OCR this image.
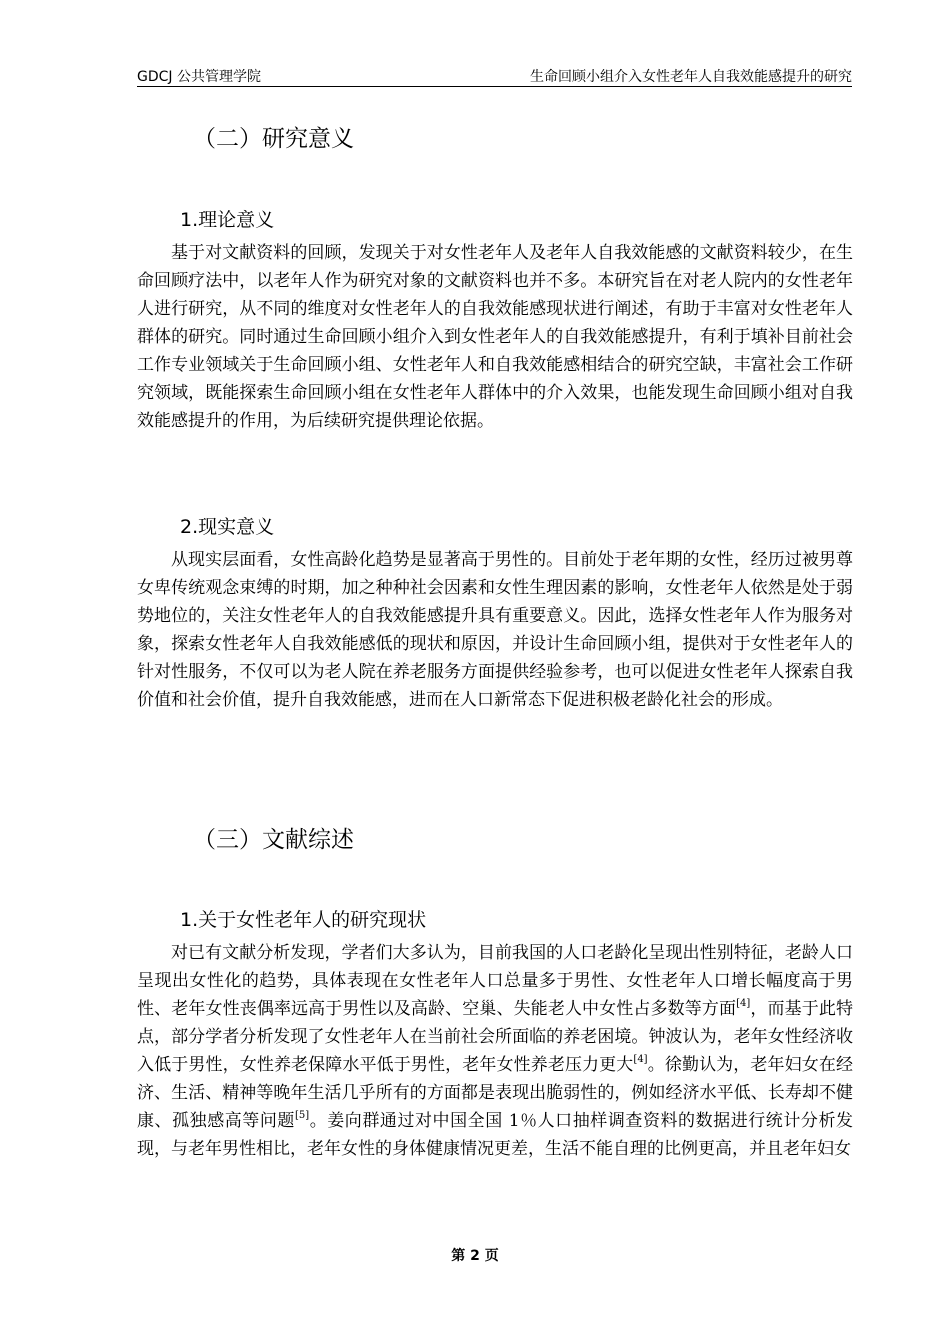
GDCJ 公共管理学院	生命回顾小组介入女性老年人自我效能感提升的研究
（二）研究意义
1.理论意义
基于对文献资料的回顾，发现关于对女性老年人及老年人自我效能感的文献资料较少，在生命回顾疗法中，以老年人作为研究对象的文献资料也并不多。本研究旨在对老人院内的女性老年人进行研究，从不同的维度对女性老年人的自我效能感现状进行阐述，有助于丰富对女性老年人群体的研究。同时通过生命回顾小组介入到女性老年人的自我效能感提升，有利于填补目前社会工作专业领域关于生命回顾小组、女性老年人和自我效能感相结合的研究空缺，丰富社会工作研究领域，既能探索生命回顾小组在女性老年人群体中的介入效果，也能发现生命回顾小组对自我效能感提升的作用，为后续研究提供理论依据。
2.现实意义
从现实层面看，女性高龄化趋势是显著高于男性的。目前处于老年期的女性，经历过被男尊女卑传统观念束缚的时期，加之种种社会因素和女性生理因素的影响，女性老年人依然是处于弱势地位的，关注女性老年人的自我效能感提升具有重要意义。因此，选择女性老年人作为服务对象，探索女性老年人自我效能感低的现状和原因，并设计生命回顾小组，提供对于女性老年人的针对性服务，不仅可以为老人院在养老服务方面提供经验参考，也可以促进女性老年人探索自我价值和社会价值，提升自我效能感，进而在人口新常态下促进积极老龄化社会的形成。
（三）文献综述
1.关于女性老年人的研究现状
对已有文献分析发现，学者们大多认为，目前我国的人口老龄化呈现出性别特征，老龄人口呈现出女性化的趋势，具体表现在女性老年人口总量多于男性、女性老年人口增长幅度高于男性、老年女性丧偶率远高于男性以及高龄、空巢、失能老人中女性占多数等方面[4]，而基于此特点，部分学者分析发现了女性老年人在当前社会所面临的养老困境。钟波认为，老年女性经济收入低于男性，女性养老保障水平低于男性，老年女性养老压力更大[4]。徐勤认为，老年妇女在经济、生活、精神等晚年生活几乎所有的方面都是表现出脆弱性的，例如经济水平低、长寿却不健康、孤独感高等问题[5]。姜向群通过对中国全国 1％人口抽样调查资料的数据进行统计分析发现，与老年男性相比，老年女性的身体健康情况更差，生活不能自理的比例更高，并且老年妇女
第 2 页
